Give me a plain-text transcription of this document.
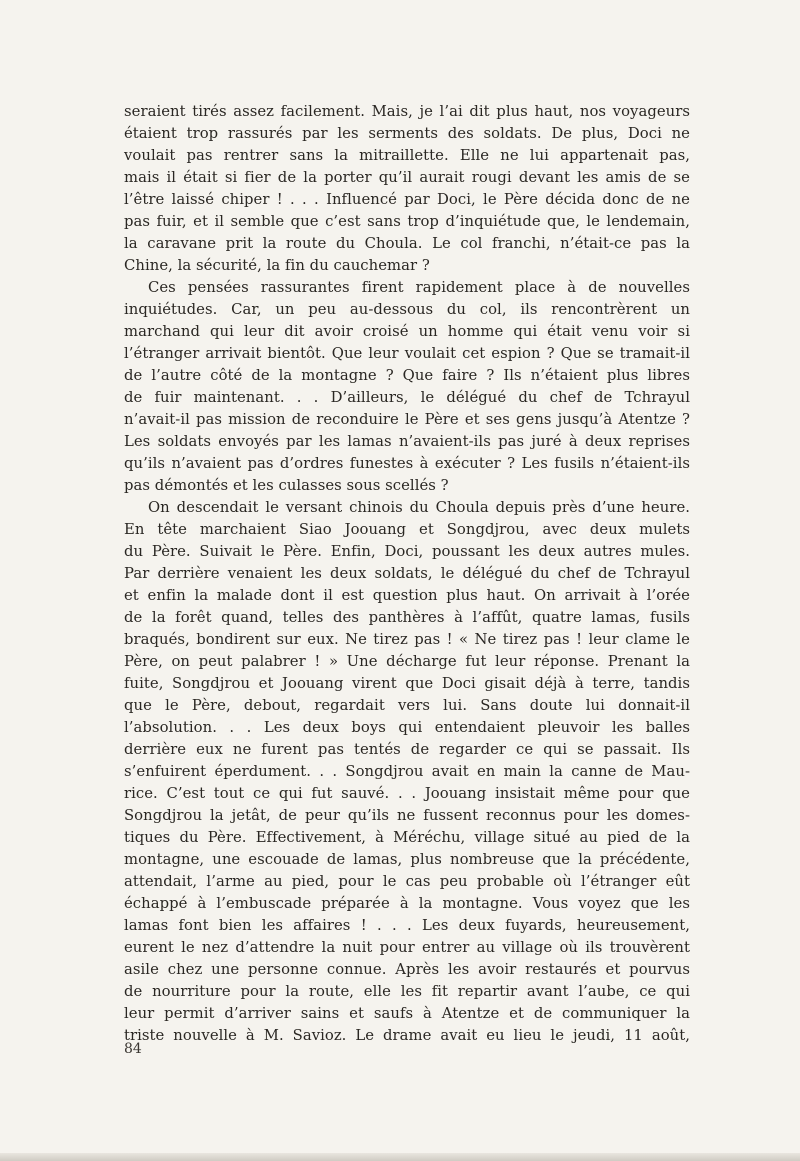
seraient tirés assez facilement. Mais, je l’ai dit plus haut, nos voyageurs
étaient trop rassurés par les serments des soldats. De plus, Doci ne
voulait pas rentrer sans la mitraillette. Elle ne lui appartenait pas,
mais il était si fier de la porter qu’il aurait rougi devant les amis de se
l’être laissé chiper ! . . . Influencé par Doci, le Père décida donc de ne
pas fuir, et il semble que c’est sans trop d’inquiétude que, le lendemain,
la caravane prit la route du Choula. Le col franchi, n’était-ce pas la
Chine, la sécurité, la fin du cauchemar ?
Ces pensées rassurantes firent rapidement place à de nouvelles
inquiétudes. Car, un peu au-dessous du col, ils rencontrèrent un
marchand qui leur dit avoir croisé un homme qui était venu voir si
l’étranger arrivait bientôt. Que leur voulait cet espion ? Que se tramait-il
de l’autre côté de la montagne ? Que faire ? Ils n’étaient plus libres
de fuir maintenant. . . D’ailleurs, le délégué du chef de Tchrayul
n’avait-il pas mission de reconduire le Père et ses gens jusqu’à Atentze ?
Les soldats envoyés par les lamas n’avaient-ils pas juré à deux reprises
qu’ils n’avaient pas d’ordres funestes à exécuter ? Les fusils n’étaient-ils
pas démontés et les culasses sous scellés ?
On descendait le versant chinois du Choula depuis près d’une heure.
En tête marchaient Siao Joouang et Songdjrou, avec deux mulets
du Père. Suivait le Père. Enfin, Doci, poussant les deux autres mules.
Par derrière venaient les deux soldats, le délégué du chef de Tchrayul
et enfin la malade dont il est question plus haut. On arrivait à l’orée
de la forêt quand, telles des panthères à l’affût, quatre lamas, fusils
braqués, bondirent sur eux. Ne tirez pas ! « Ne tirez pas ! leur clame le
Père, on peut palabrer ! » Une décharge fut leur réponse. Prenant la
fuite, Songdjrou et Joouang virent que Doci gisait déjà à terre, tandis
que le Père, debout, regardait vers lui. Sans doute lui donnait-il
l’absolution. . . Les deux boys qui entendaient pleuvoir les balles
derrière eux ne furent pas tentés de regarder ce qui se passait. Ils
s’enfuirent éperdument. . . Songdjrou avait en main la canne de Mau-
rice. C’est tout ce qui fut sauvé. . . Joouang insistait même pour que
Songdjrou la jetât, de peur qu’ils ne fussent reconnus pour les domes-
tiques du Père. Effectivement, à Méréchu, village situé au pied de la
montagne, une escouade de lamas, plus nombreuse que la précédente,
attendait, l’arme au pied, pour le cas peu probable où l’étranger eût
échappé à l’embuscade préparée à la montagne. Vous voyez que les
lamas font bien les affaires ! . . . Les deux fuyards, heureusement,
eurent le nez d’attendre la nuit pour entrer au village où ils trouvèrent
asile chez une personne connue. Après les avoir restaurés et pourvus
de nourriture pour la route, elle les fit repartir avant l’aube, ce qui
leur permit d’arriver sains et saufs à Atentze et de communiquer la
triste nouvelle à M. Savioz. Le drame avait eu lieu le jeudi, 11 août,
84
